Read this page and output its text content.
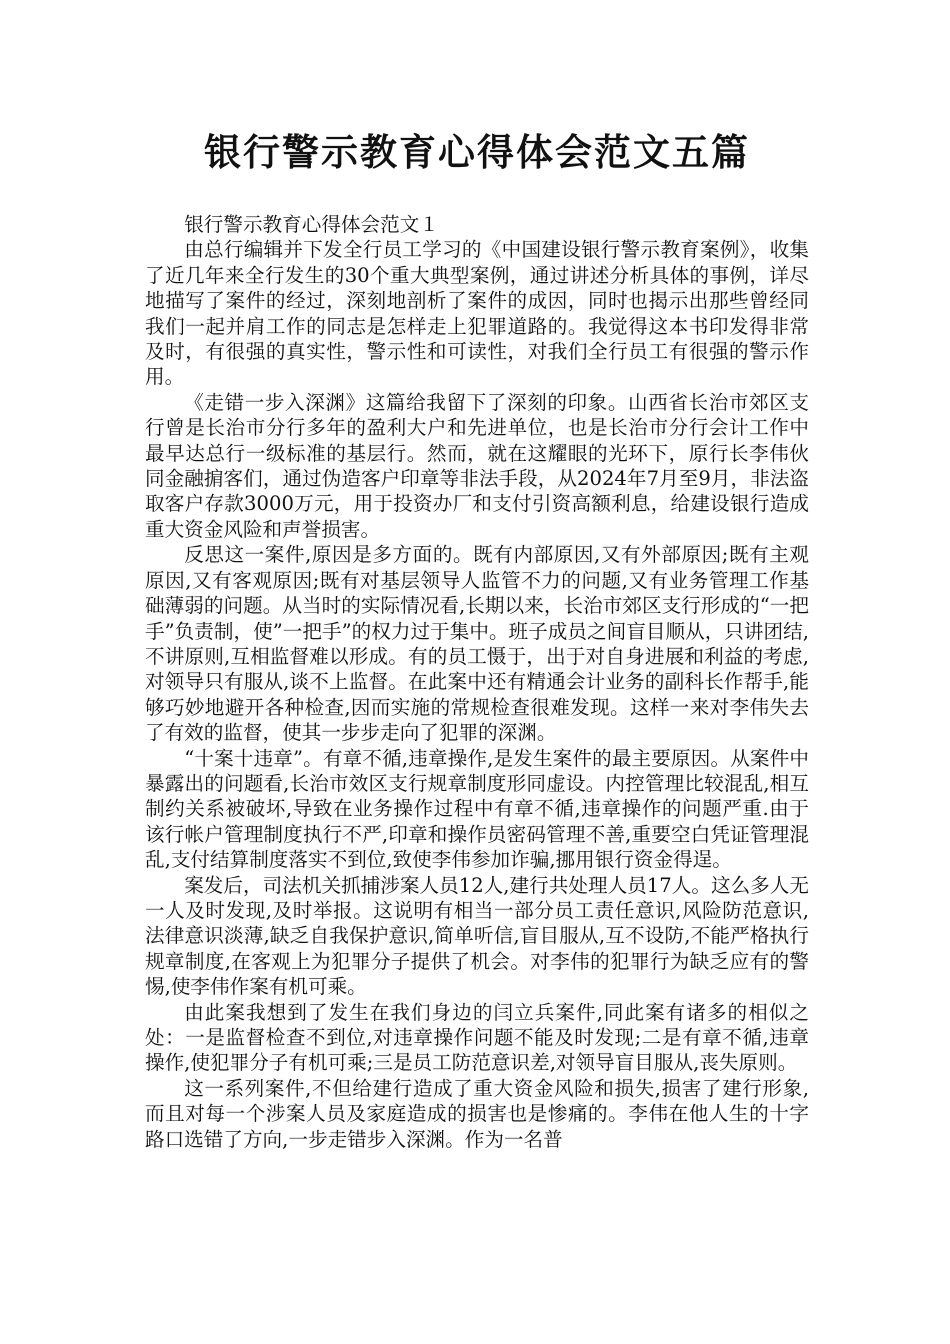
银行警示教育心得体会范文五篇

银行警示教育心得体会范文１

由总行编辑并下发全行员工学习的《中国建设银行警示教育案例》，收集了近几年来全行发生的30个重大典型案例，通过讲述分析具体的事例，详尽地描写了案件的经过，深刻地剖析了案件的成因，同时也揭示出那些曾经同我们一起并肩工作的同志是怎样走上犯罪道路的。我觉得这本书印发得非常及时，有很强的真实性，警示性和可读性，对我们全行员工有很强的警示作用。

《走错一步入深渊》这篇给我留下了深刻的印象。山西省长治市郊区支行曾是长治市分行多年的盈利大户和先进单位，也是长治市分行会计工作中最早达总行一级标准的基层行。然而，就在这耀眼的光环下，原行长李伟伙同金融掮客们，通过伪造客户印章等非法手段，从2024年7月至9月，非法盗取客户存款3000万元，用于投资办厂和支付引资高额利息，给建设银行造成重大资金风险和声誉损害。

反思这一案件,原因是多方面的。既有内部原因,又有外部原因;既有主观原因,又有客观原因;既有对基层领导人监管不力的问题,又有业务管理工作基础薄弱的问题。从当时的实际情况看,长期以来，长治市郊区支行形成的“一把手”负责制，使”一把手”的权力过于集中。班子成员之间盲目顺从，只讲团结,不讲原则,互相监督难以形成。有的员工慑于，出于对自身进展和利益的考虑,对领导只有服从,谈不上监督。在此案中还有精通会计业务的副科长作帮手,能够巧妙地避开各种检查,因而实施的常规检查很难发现。这样一来对李伟失去了有效的监督，使其一步步走向了犯罪的深渊。

“十案十违章”。有章不循,违章操作,是发生案件的最主要原因。从案件中暴露出的问题看,长治市效区支行规章制度形同虚设。内控管理比较混乱,相互制约关系被破坏,导致在业务操作过程中有章不循,违章操作的问题严重.由于该行帐户管理制度执行不严,印章和操作员密码管理不善,重要空白凭证管理混乱,支付结算制度落实不到位,致使李伟参加诈骗,挪用银行资金得逞。

案发后，司法机关抓捕涉案人员12人,建行共处理人员17人。这么多人无一人及时发现,及时举报。这说明有相当一部分员工责任意识,风险防范意识,法律意识淡薄,缺乏自我保护意识,简单听信,盲目服从,互不设防,不能严格执行规章制度,在客观上为犯罪分子提供了机会。对李伟的犯罪行为缺乏应有的警惕,使李伟作案有机可乘。

由此案我想到了发生在我们身边的闫立兵案件,同此案有诸多的相似之处：一是监督检查不到位,对违章操作问题不能及时发现;二是有章不循,违章操作,使犯罪分子有机可乘;三是员工防范意识差,对领导盲目服从,丧失原则。

这一系列案件,不但给建行造成了重大资金风险和损失,损害了建行形象,而且对每一个涉案人员及家庭造成的损害也是惨痛的。李伟在他人生的十字路口选错了方向,一步走错步入深渊。作为一名普
